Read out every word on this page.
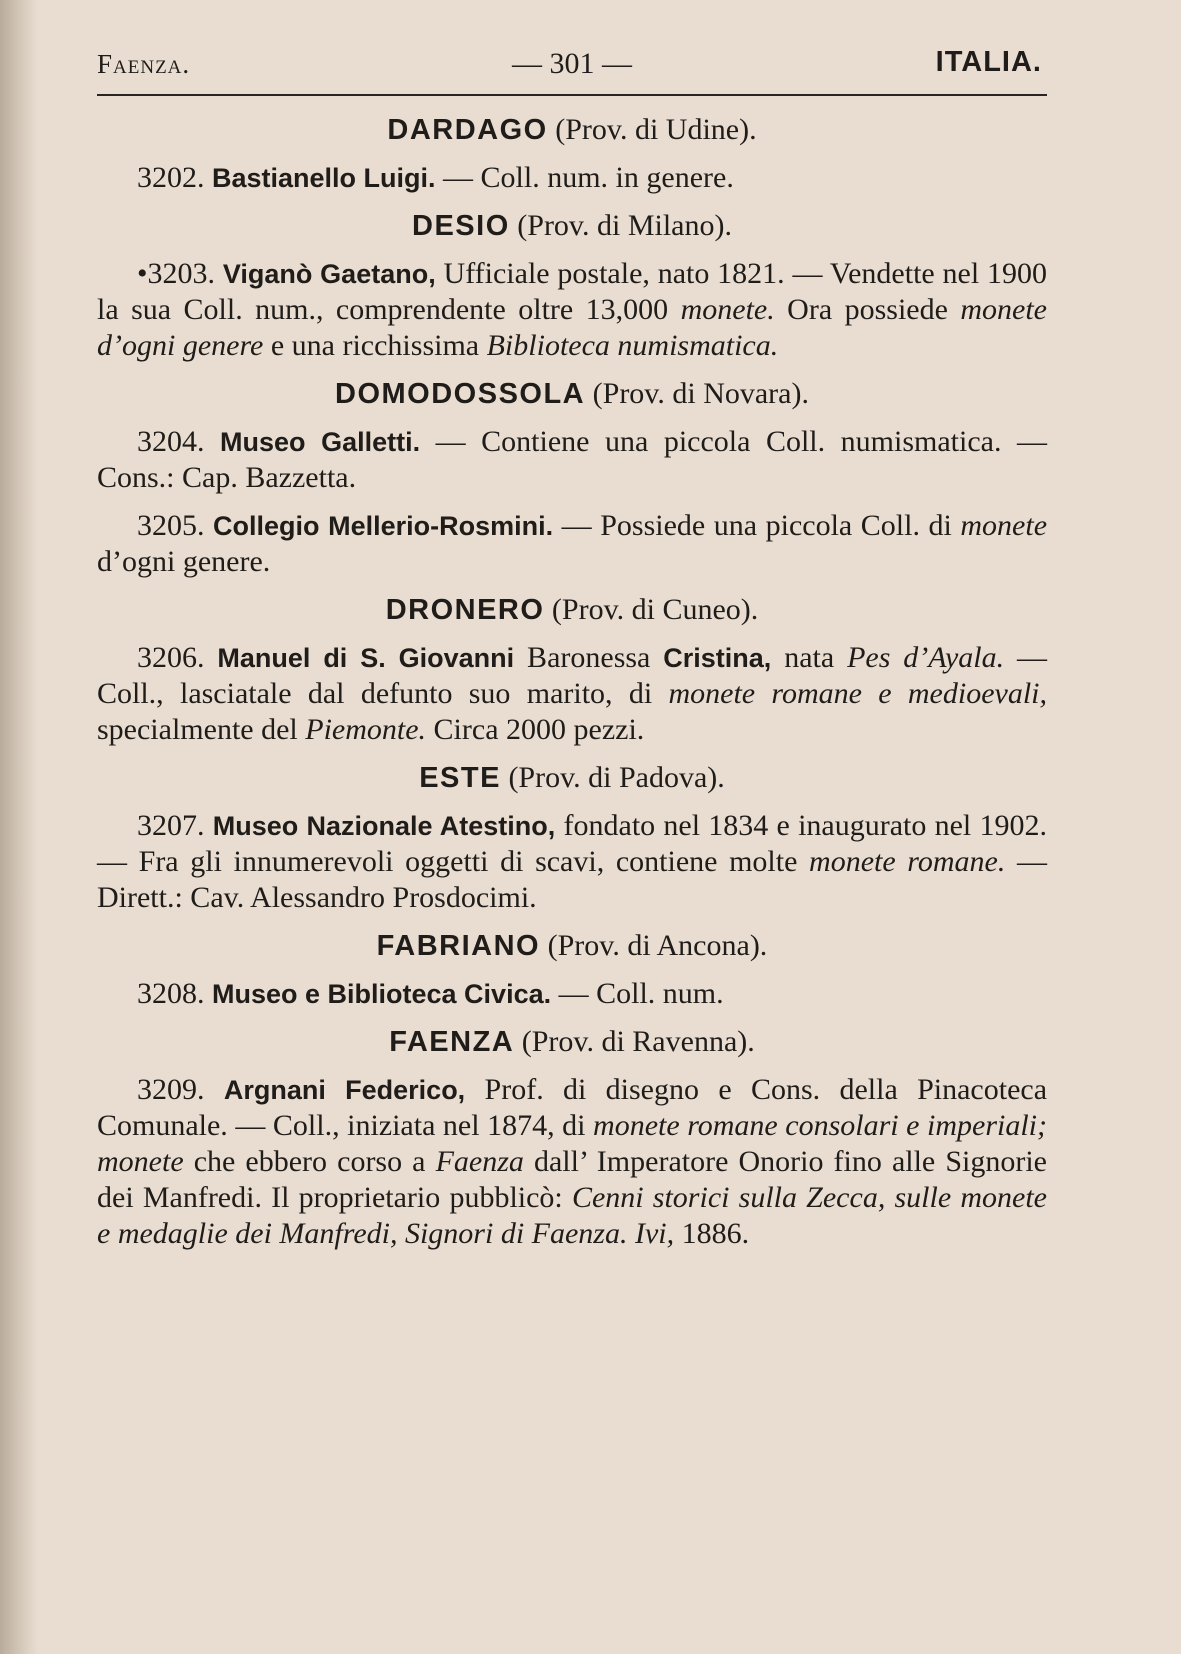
Faenza.	— 301 —	ITALIA.
DARDAGO (Prov. di Udine).

3202. Bastianello Luigi. — Coll. num. in genere.

DESIO (Prov. di Milano).

•3203. Viganò Gaetano, Ufficiale postale, nato 1821. — Vendette nel 1900 la sua Coll. num., comprendente oltre 13,000 monete. Ora possiede monete d’ogni genere e una ricchissima Biblioteca numismatica.

DOMODOSSOLA (Prov. di Novara).

3204. Museo Galletti. — Contiene una piccola Coll. numismatica. — Cons.: Cap. Bazzetta.

3205. Collegio Mellerio-Rosmini. — Possiede una piccola Coll. di monete d’ogni genere.

DRONERO (Prov. di Cuneo).

3206. Manuel di S. Giovanni Baronessa Cristina, nata Pes d’Ayala. — Coll., lasciatale dal defunto suo marito, di monete romane e medioevali, specialmente del Piemonte. Circa 2000 pezzi.

ESTE (Prov. di Padova).

3207. Museo Nazionale Atestino, fondato nel 1834 e inaugurato nel 1902. — Fra gli innumerevoli oggetti di scavi, contiene molte monete romane. — Dirett.: Cav. Alessandro Prosdocimi.

FABRIANO (Prov. di Ancona).

3208. Museo e Biblioteca Civica. — Coll. num.

FAENZA (Prov. di Ravenna).

3209. Argnani Federico, Prof. di disegno e Cons. della Pinacoteca Comunale. — Coll., iniziata nel 1874, di monete romane consolari e imperiali; monete che ebbero corso a Faenza dall’ Imperatore Onorio fino alle Signorie dei Manfredi. Il proprietario pubblicò: Cenni storici sulla Zecca, sulle monete e medaglie dei Manfredi, Signori di Faenza. Ivi, 1886.
